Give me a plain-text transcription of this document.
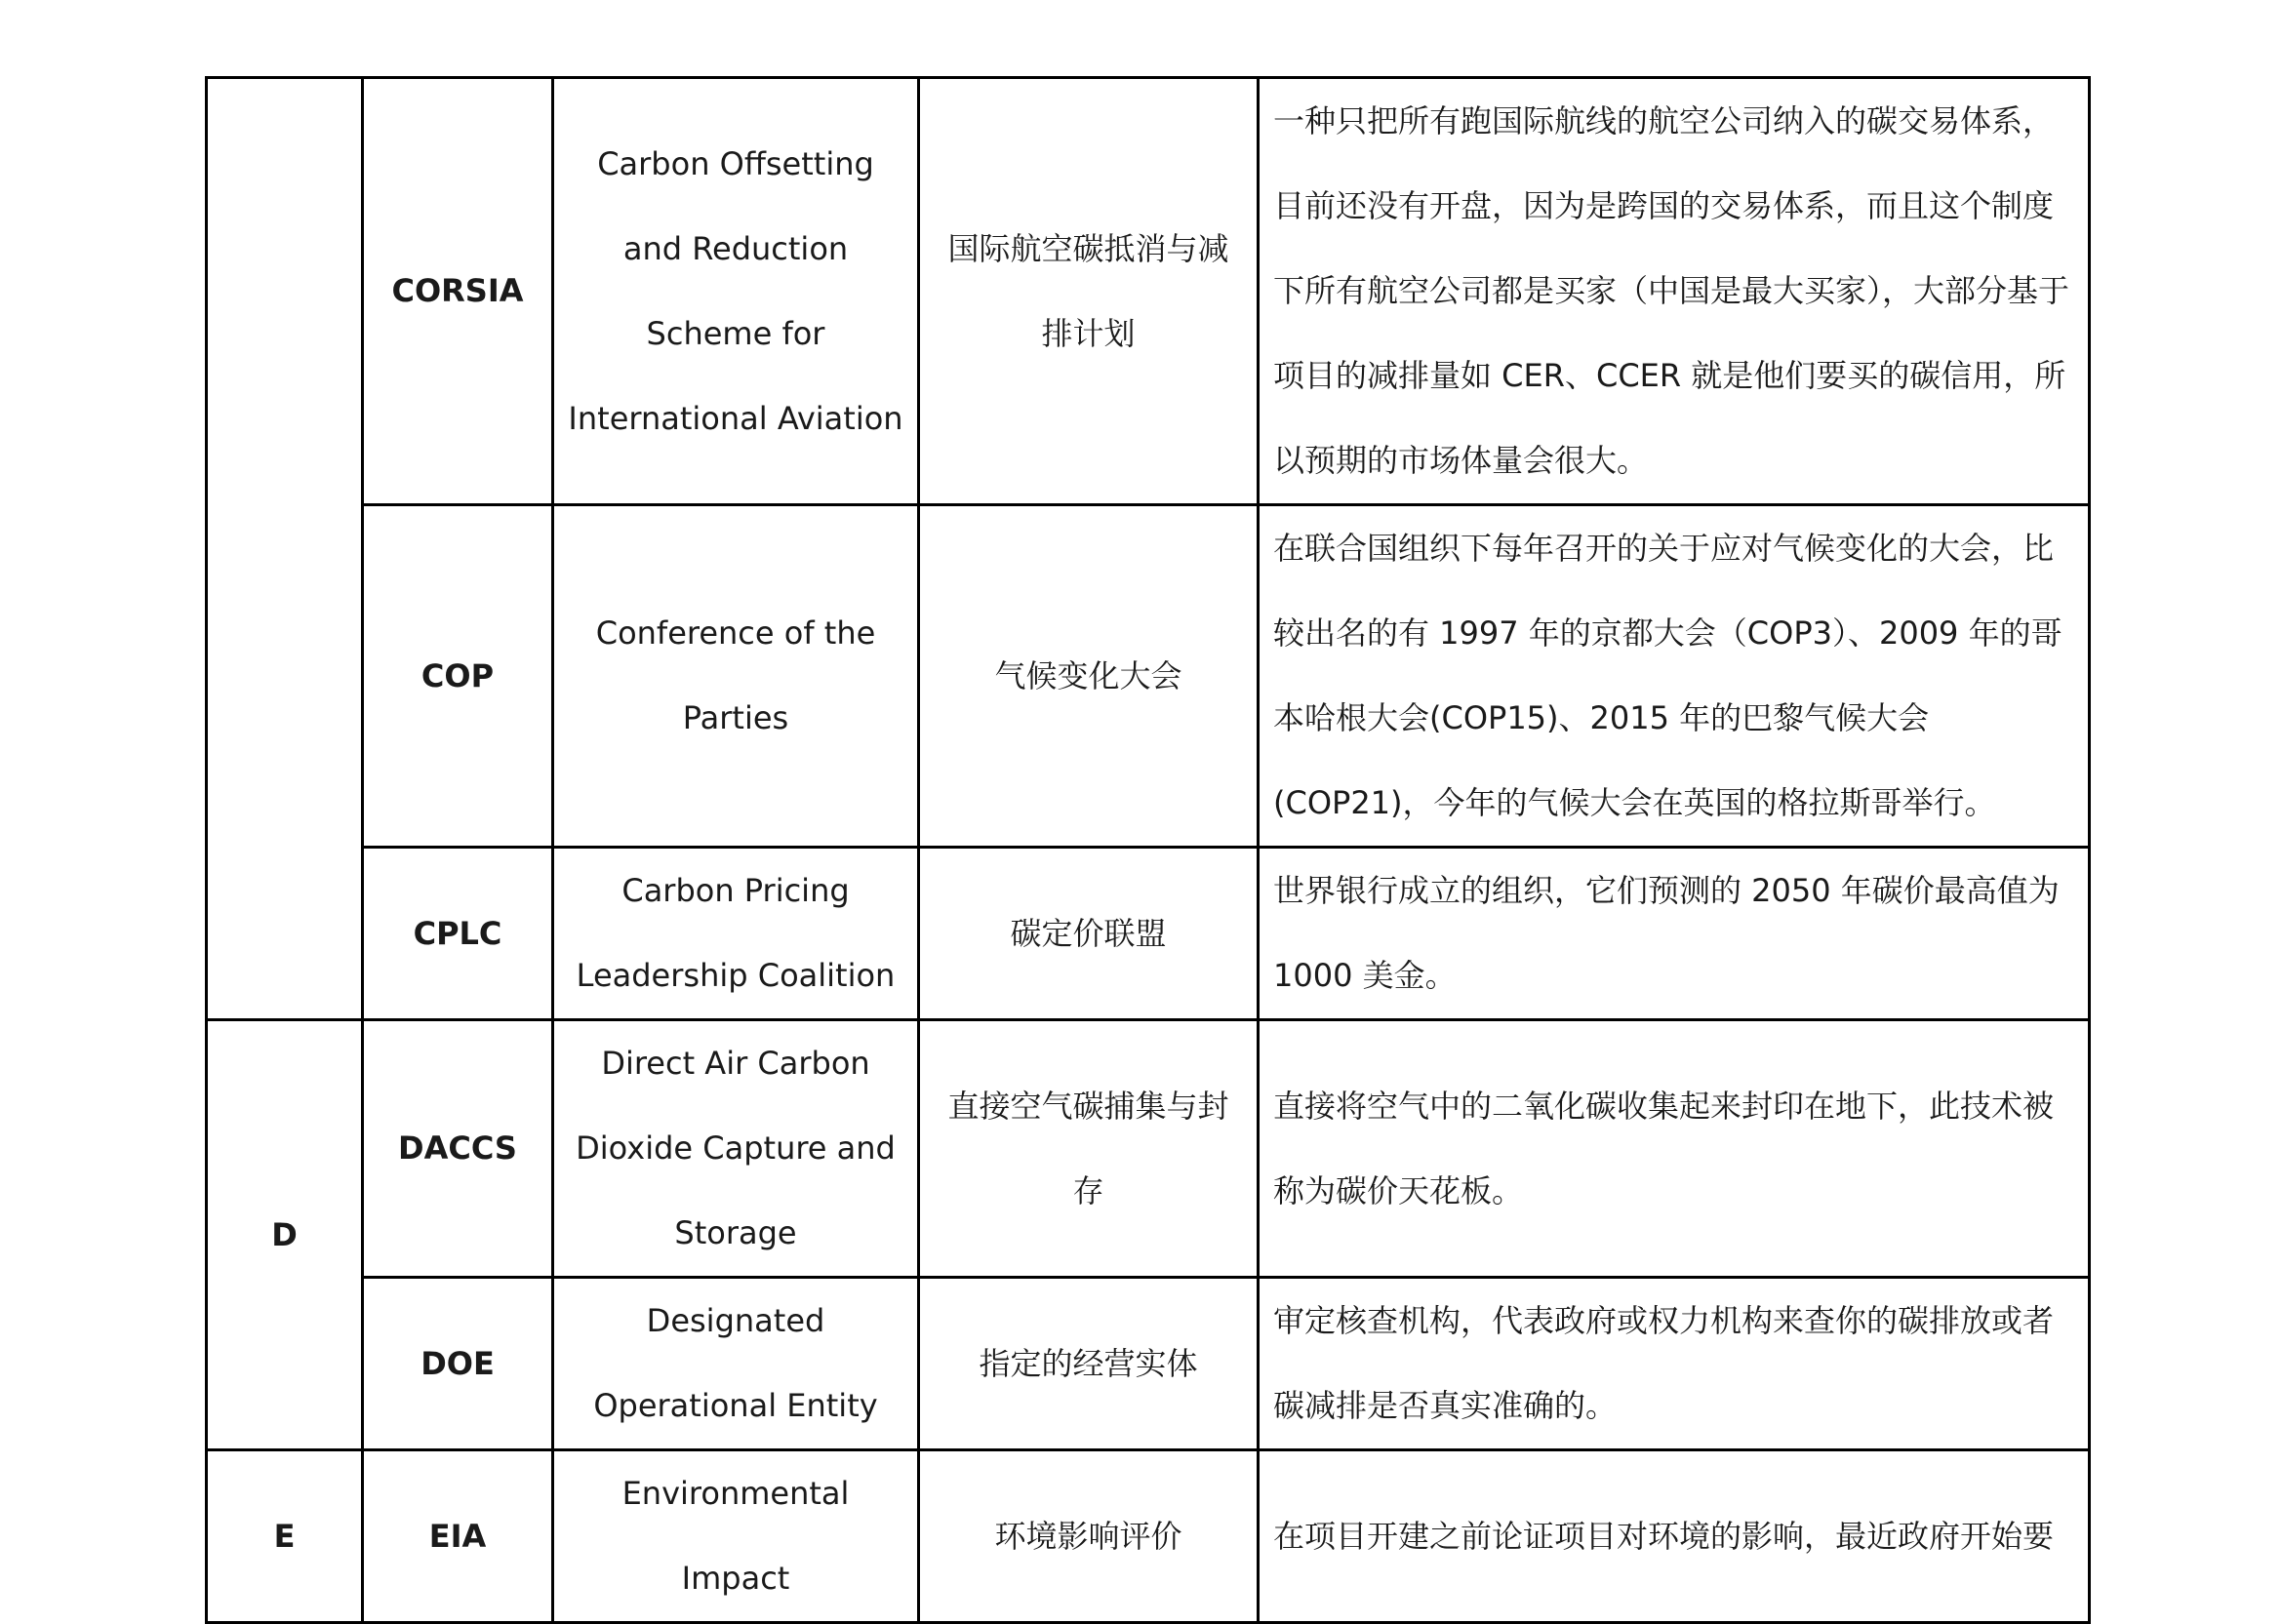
	CORSIA	Carbon Offsetting and Reduction Scheme for International Aviation	国际航空碳抵消与减排计划	一种只把所有跑国际航线的航空公司纳入的碳交易体系，目前还没有开盘，因为是跨国的交易体系，而且这个制度下所有航空公司都是买家（中国是最大买家），大部分基于项目的减排量如 CER、CCER 就是他们要买的碳信用，所以预期的市场体量会很大。
	COP	Conference of the Parties	气候变化大会	在联合国组织下每年召开的关于应对气候变化的大会，比较出名的有 1997 年的京都大会（COP3）、2009 年的哥本哈根大会(COP15)、2015 年的巴黎气候大会(COP21)，今年的气候大会在英国的格拉斯哥举行。
	CPLC	Carbon Pricing Leadership Coalition	碳定价联盟	世界银行成立的组织，它们预测的 2050 年碳价最高值为 1000 美金。
D	DACCS	Direct Air Carbon Dioxide Capture and Storage	直接空气碳捕集与封存	直接将空气中的二氧化碳收集起来封印在地下，此技术被称为碳价天花板。
	DOE	Designated Operational Entity	指定的经营实体	审定核查机构，代表政府或权力机构来查你的碳排放或者碳减排是否真实准确的。
E	EIA	Environmental Impact	环境影响评价	在项目开建之前论证项目对环境的影响，最近政府开始要
